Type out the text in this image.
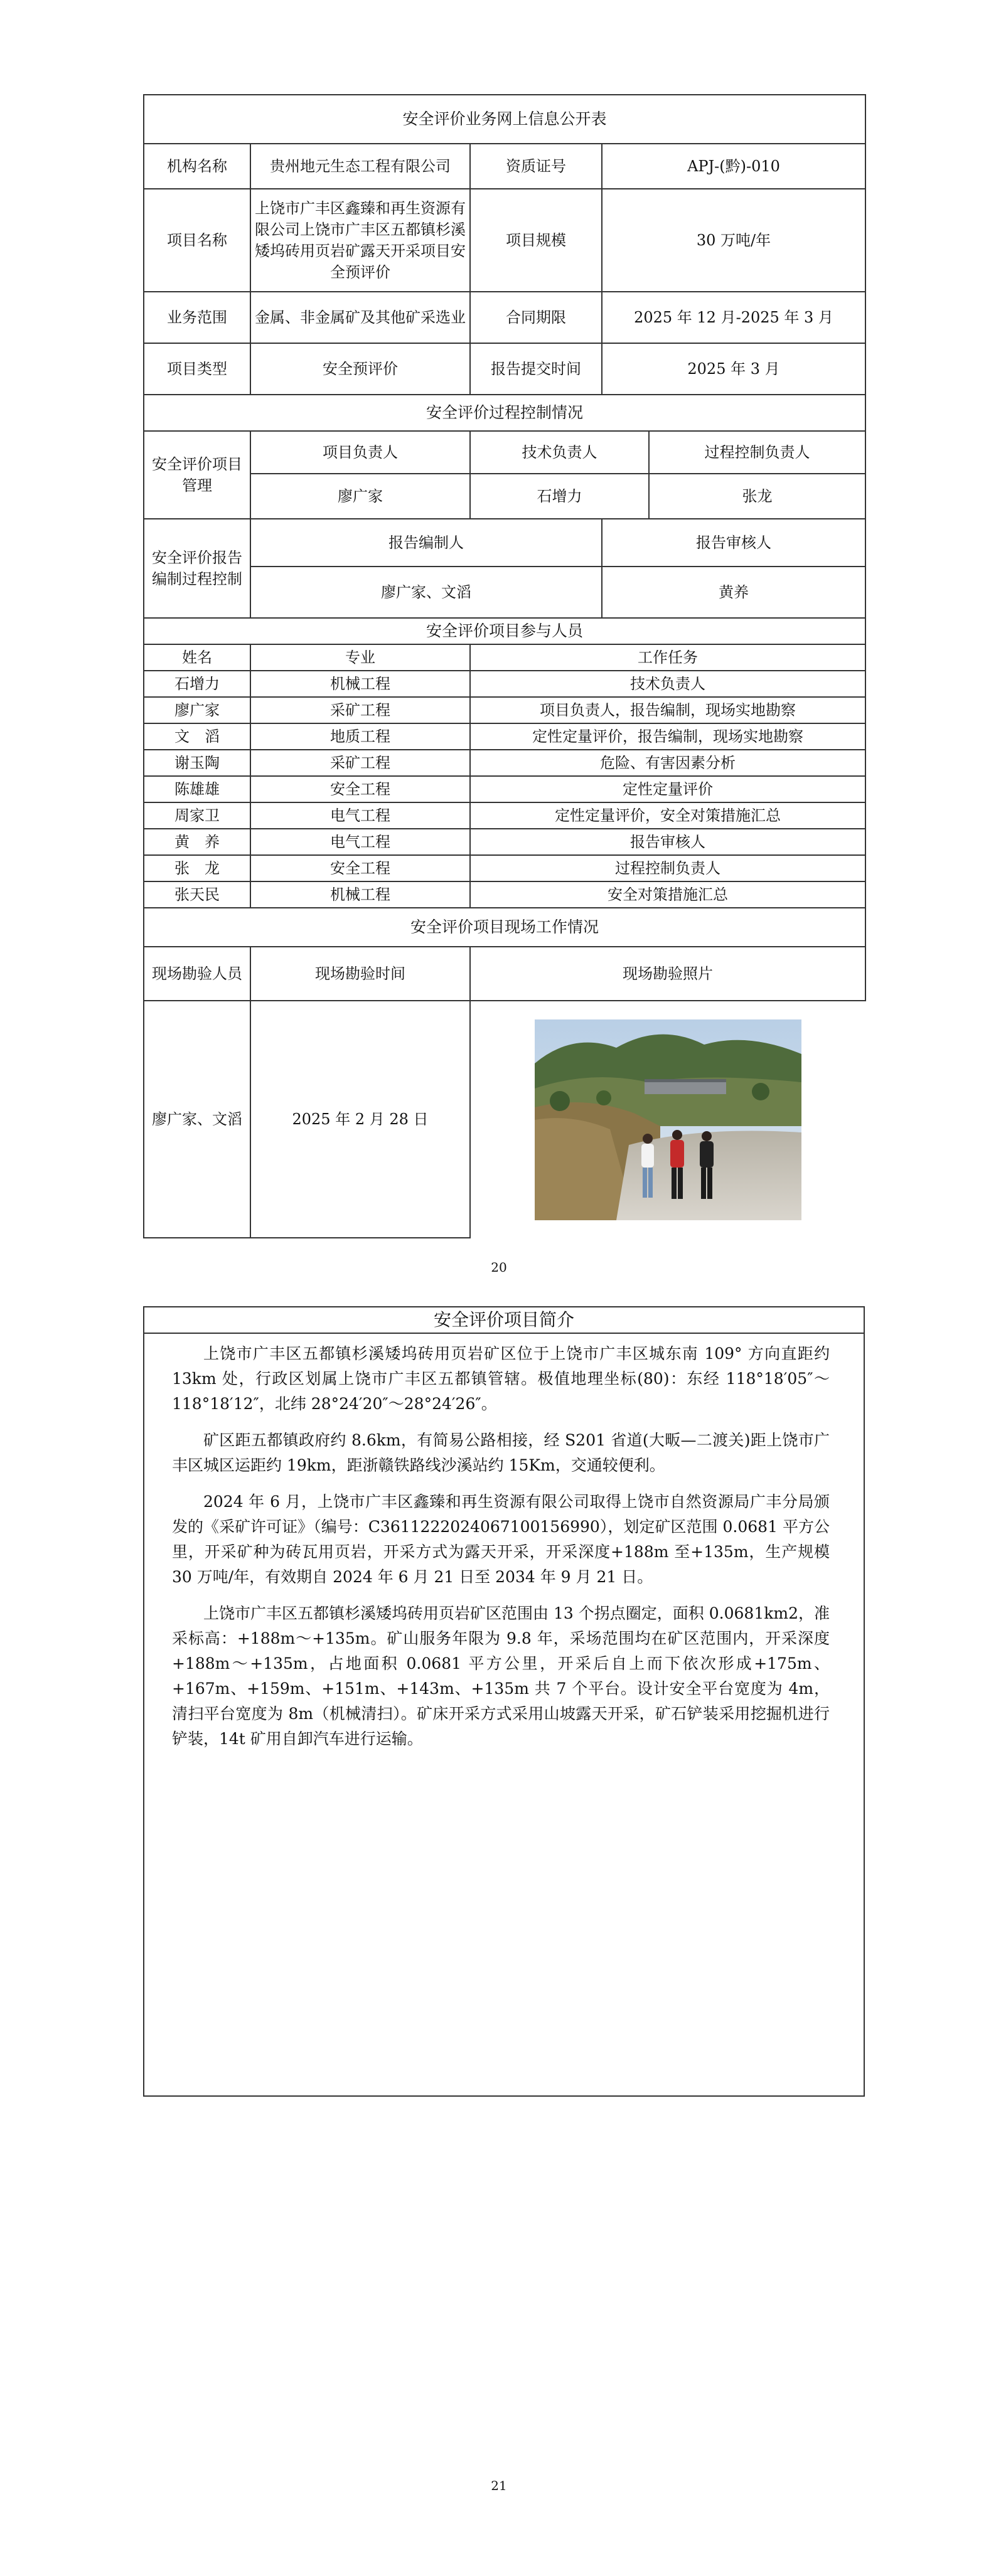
安全评价业务网上信息公开表				
机构名称	贵州地元生态工程有限公司	资质证号	APJ-(黔)-010	
项目名称	上饶市广丰区鑫臻和再生资源有限公司上饶市广丰区五都镇杉溪矮坞砖用页岩矿露天开采项目安全预评价	项目规模	30 万吨/年	
业务范围	金属、非金属矿及其他矿采选业	合同期限	2025 年 12 月-2025 年 3 月	
项目类型	安全预评价	报告提交时间	2025 年 3 月	
安全评价过程控制情况				
安全评价项目管理	项目负责人	技术负责人		过程控制负责人
	廖广家	石增力		张龙
安全评价报告编制过程控制	报告编制人		报告审核人	
	廖广家、文滔		黄养	
安全评价项目参与人员				
姓名	专业	工作任务		
石增力	机械工程	技术负责人		
廖广家	采矿工程	项目负责人，报告编制，现场实地勘察		
文　滔	地质工程	定性定量评价，报告编制，现场实地勘察		
谢玉陶	采矿工程	危险、有害因素分析		
陈雄雄	安全工程	定性定量评价		
周家卫	电气工程	定性定量评价，安全对策措施汇总		
黄　养	电气工程	报告审核人		
张　龙	安全工程	过程控制负责人		
张天民	机械工程	安全对策措施汇总		
安全评价项目现场工作情况				
现场勘验人员	现场勘验时间	现场勘验照片		
廖广家、文滔	2025 年 2 月 28 日	
20
安全评价项目简介

上饶市广丰区五都镇杉溪矮坞砖用页岩矿区位于上饶市广丰区城东南 109° 方向直距约 13km 处，行政区划属上饶市广丰区五都镇管辖。极值地理坐标(80)：东经 118°18′05″～118°18′12″，北纬 28°24′20″～28°24′26″。

矿区距五都镇政府约 8.6km，有简易公路相接，经 S201 省道(大畈—二渡关)距上饶市广丰区城区运距约 19km，距浙赣铁路线沙溪站约 15Km，交通较便利。

2024 年 6 月，上饶市广丰区鑫臻和再生资源有限公司取得上饶市自然资源局广丰分局颁发的《采矿许可证》（编号：C3611222024067100156990），划定矿区范围 0.0681 平方公里，开采矿种为砖瓦用页岩，开采方式为露天开采，开采深度+188m 至+135m，生产规模 30 万吨/年，有效期自 2024 年 6 月 21 日至 2034 年 9 月 21 日。

上饶市广丰区五都镇杉溪矮坞砖用页岩矿区范围由 13 个拐点圈定，面积 0.0681km2，准采标高：+188m～+135m。矿山服务年限为 9.8 年，采场范围均在矿区范围内，开采深度+188m～+135m，占地面积 0.0681 平方公里，开采后自上而下依次形成+175m、+167m、+159m、+151m、+143m、+135m 共 7 个平台。设计安全平台宽度为 4m，清扫平台宽度为 8m（机械清扫）。矿床开采方式采用山坡露天开采，矿石铲装采用挖掘机进行铲装，14t 矿用自卸汽车进行运输。

21
